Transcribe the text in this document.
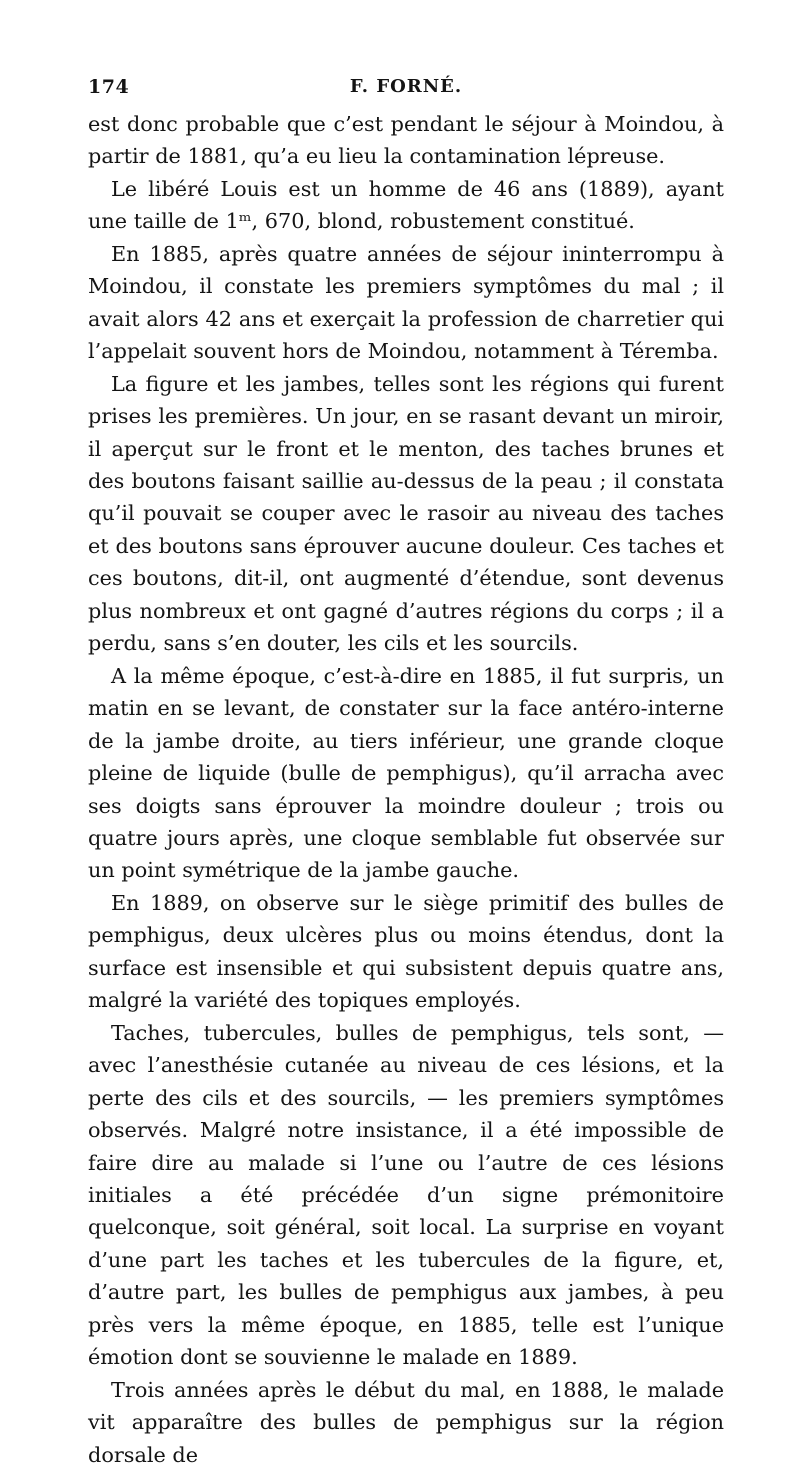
174	F. FORNÉ.

est donc probable que c’est pendant le séjour à Moindou, à partir de 1881, qu’a eu lieu la contamination lépreuse.

Le libéré Louis est un homme de 46 ans (1889), ayant une taille de 1ᵐ, 670, blond, robustement constitué.

En 1885, après quatre années de séjour ininterrompu à Moindou, il constate les premiers symptômes du mal ; il avait alors 42 ans et exerçait la profession de charretier qui l’appelait souvent hors de Moindou, notamment à Téremba.

La figure et les jambes, telles sont les régions qui furent prises les premières. Un jour, en se rasant devant un miroir, il aperçut sur le front et le menton, des taches brunes et des boutons faisant saillie au-dessus de la peau ; il constata qu’il pouvait se couper avec le rasoir au niveau des taches et des boutons sans éprouver aucune douleur. Ces taches et ces boutons, dit-il, ont augmenté d’étendue, sont devenus plus nombreux et ont gagné d’autres régions du corps ; il a perdu, sans s’en douter, les cils et les sourcils.

A la même époque, c’est-à-dire en 1885, il fut surpris, un matin en se levant, de constater sur la face antéro-interne de la jambe droite, au tiers inférieur, une grande cloque pleine de liquide (bulle de pemphigus), qu’il arracha avec ses doigts sans éprouver la moindre douleur ; trois ou quatre jours après, une cloque semblable fut observée sur un point symétrique de la jambe gauche.

En 1889, on observe sur le siège primitif des bulles de pemphigus, deux ulcères plus ou moins étendus, dont la surface est insensible et qui subsistent depuis quatre ans, malgré la variété des topiques employés.

Taches, tubercules, bulles de pemphigus, tels sont, — avec l’anesthésie cutanée au niveau de ces lésions, et la perte des cils et des sourcils, — les premiers symptômes observés. Malgré notre insistance, il a été impossible de faire dire au malade si l’une ou l’autre de ces lésions initiales a été précédée d’un signe prémonitoire quelconque, soit général, soit local. La surprise en voyant d’une part les taches et les tubercules de la figure, et, d’autre part, les bulles de pemphigus aux jambes, à peu près vers la même époque, en 1885, telle est l’unique émotion dont se souvienne le malade en 1889.

Trois années après le début du mal, en 1888, le malade vit apparaître des bulles de pemphigus sur la région dorsale de
